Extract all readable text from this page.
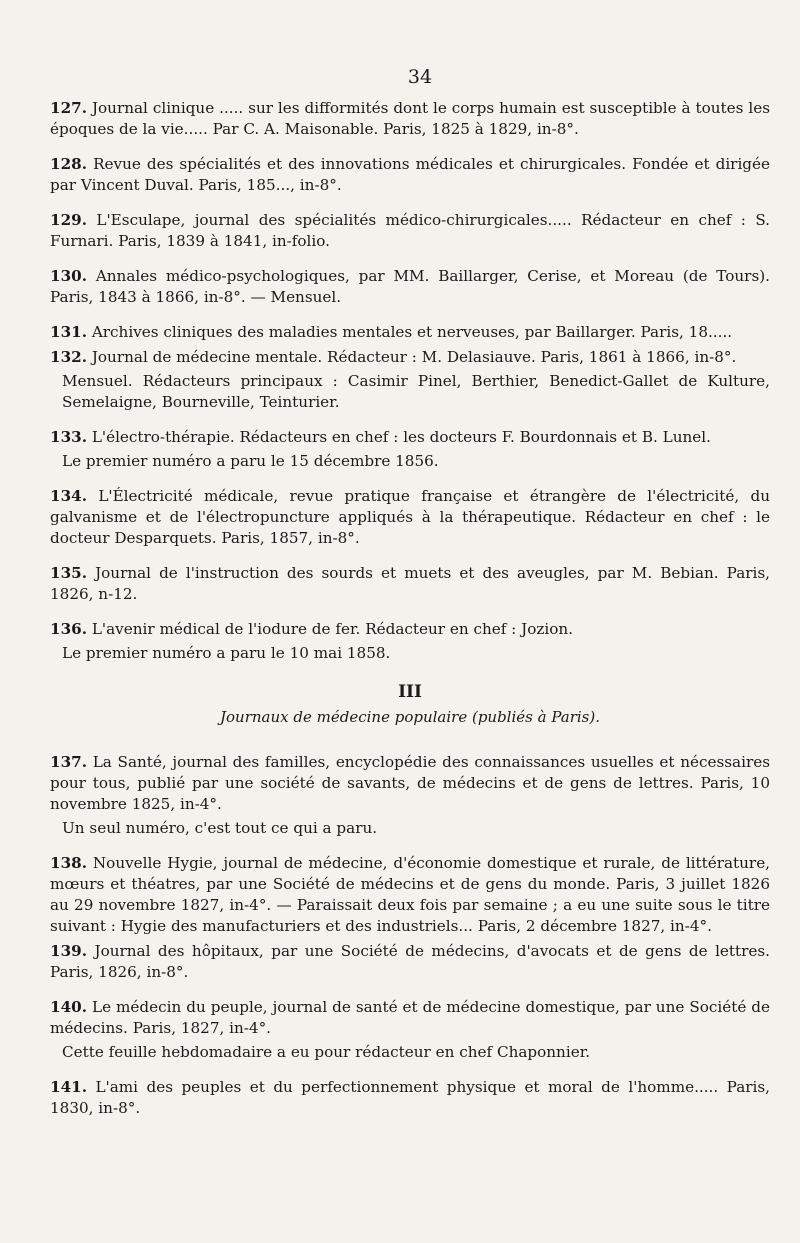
34

127. Journal clinique ..... sur les difformités dont le corps humain est susceptible à toutes les époques de la vie..... Par C. A. Maisonable. Paris, 1825 à 1829, in-8°.

128. Revue des spécialités et des innovations médicales et chirurgicales. Fondée et dirigée par Vincent Duval. Paris, 185..., in-8°.

129. L'Esculape, journal des spécialités médico-chirurgicales..... Rédacteur en chef : S. Furnari. Paris, 1839 à 1841, in-folio.

130. Annales médico-psychologiques, par MM. Baillarger, Cerise, et Moreau (de Tours). Paris, 1843 à 1866, in-8°. — Mensuel.

131. Archives cliniques des maladies mentales et nerveuses, par Baillarger. Paris, 18.....

132. Journal de médecine mentale. Rédacteur : M. Delasiauve. Paris, 1861 à 1866, in-8°.

Mensuel. Rédacteurs principaux : Casimir Pinel, Berthier, Benedict-Gallet de Kulture, Semelaigne, Bourneville, Teinturier.

133. L'électro-thérapie. Rédacteurs en chef : les docteurs F. Bourdonnais et B. Lunel.

Le premier numéro a paru le 15 décembre 1856.

134. L'Électricité médicale, revue pratique française et étrangère de l'électricité, du galvanisme et de l'électropuncture appliqués à la thérapeutique. Rédacteur en chef : le docteur Desparquets. Paris, 1857, in-8°.

135. Journal de l'instruction des sourds et muets et des aveugles, par M. Bebian. Paris, 1826, n-12.

136. L'avenir médical de l'iodure de fer. Rédacteur en chef : Jozion.

Le premier numéro a paru le 10 mai 1858.

III
Journaux de médecine populaire (publiés à Paris).

137. La Santé, journal des familles, encyclopédie des connaissances usuelles et nécessaires pour tous, publié par une société de savants, de médecins et de gens de lettres. Paris, 10 novembre 1825, in-4°.

Un seul numéro, c'est tout ce qui a paru.

138. Nouvelle Hygie, journal de médecine, d'économie domestique et rurale, de littérature, mœurs et théatres, par une Société de médecins et de gens du monde. Paris, 3 juillet 1826 au 29 novembre 1827, in-4°. — Paraissait deux fois par semaine ; a eu une suite sous le titre suivant : Hygie des manufacturiers et des industriels... Paris, 2 décembre 1827, in-4°.

139. Journal des hôpitaux, par une Société de médecins, d'avocats et de gens de lettres. Paris, 1826, in-8°.

140. Le médecin du peuple, journal de santé et de médecine domestique, par une Société de médecins. Paris, 1827, in-4°.

Cette feuille hebdomadaire a eu pour rédacteur en chef Chaponnier.

141. L'ami des peuples et du perfectionnement physique et moral de l'homme..... Paris, 1830, in-8°.
